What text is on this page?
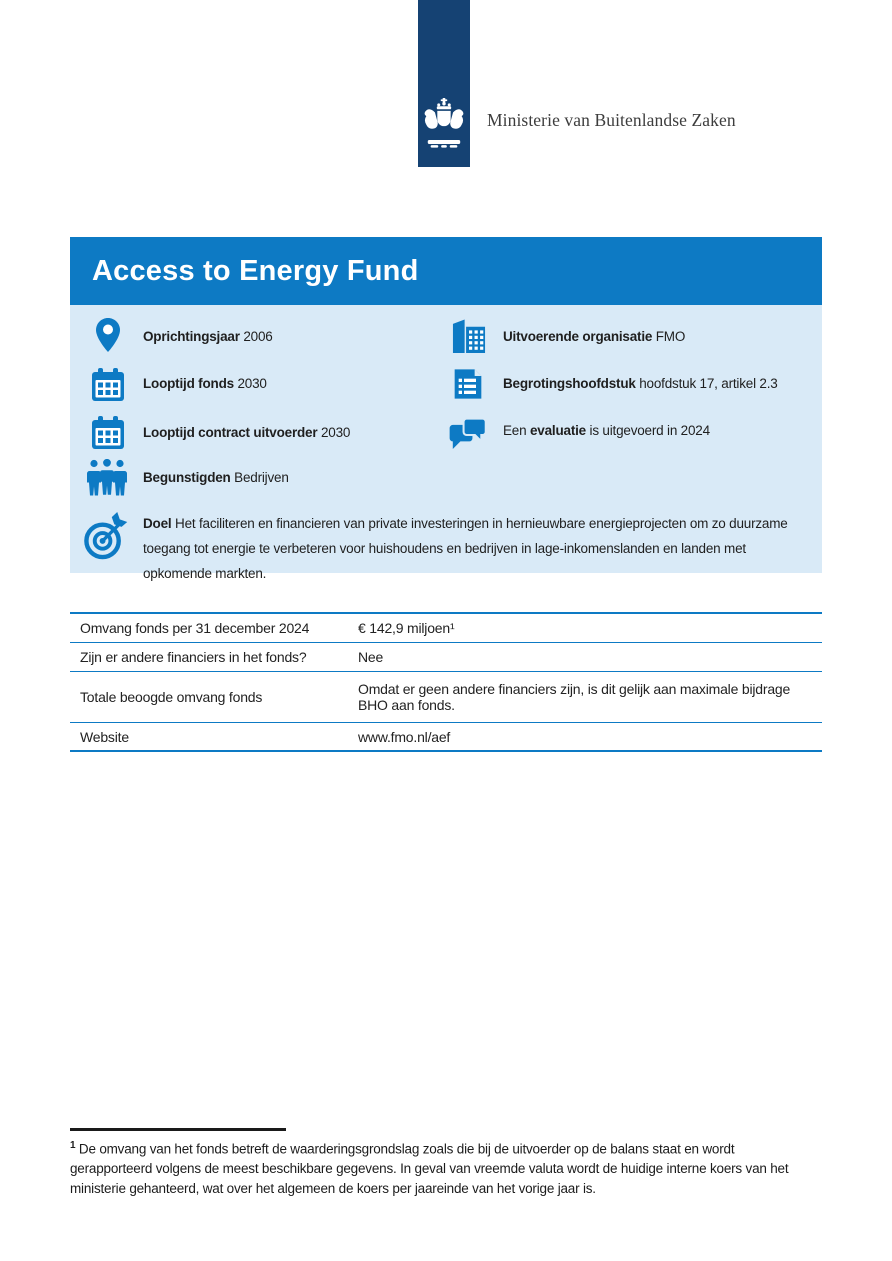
Ministerie van Buitenlandse Zaken
Access to Energy Fund
Oprichtingsjaar 2006
Looptijd fonds 2030
Looptijd contract uitvoerder 2030
Begunstigden Bedrijven
Uitvoerende organisatie FMO
Begrotingshoofdstuk hoofdstuk 17, artikel 2.3
Een evaluatie is uitgevoerd in 2024
Doel Het faciliteren en financieren van private investeringen in hernieuwbare energieprojecten om zo duurzame toegang tot energie te verbeteren voor huishoudens en bedrijven in lage-inkomenslanden en landen met opkomende markten.
Omvang fonds per 31 december 2024	€ 142,9 miljoen¹
Zijn er andere financiers in het fonds?	Nee
Totale beoogde omvang fonds	Omdat er geen andere financiers zijn, is dit gelijk aan maximale bijdrage BHO aan fonds.
Website	www.fmo.nl/aef
$^1$ De omvang van het fonds betreft de waarderingsgrondslag zoals die bij de uitvoerder op de balans staat en wordt gerapporteerd volgens de meest beschikbare gegevens. In geval van vreemde valuta wordt de huidige interne koers van het ministerie gehanteerd, wat over het algemeen de koers per jaareinde van het vorige jaar is.
